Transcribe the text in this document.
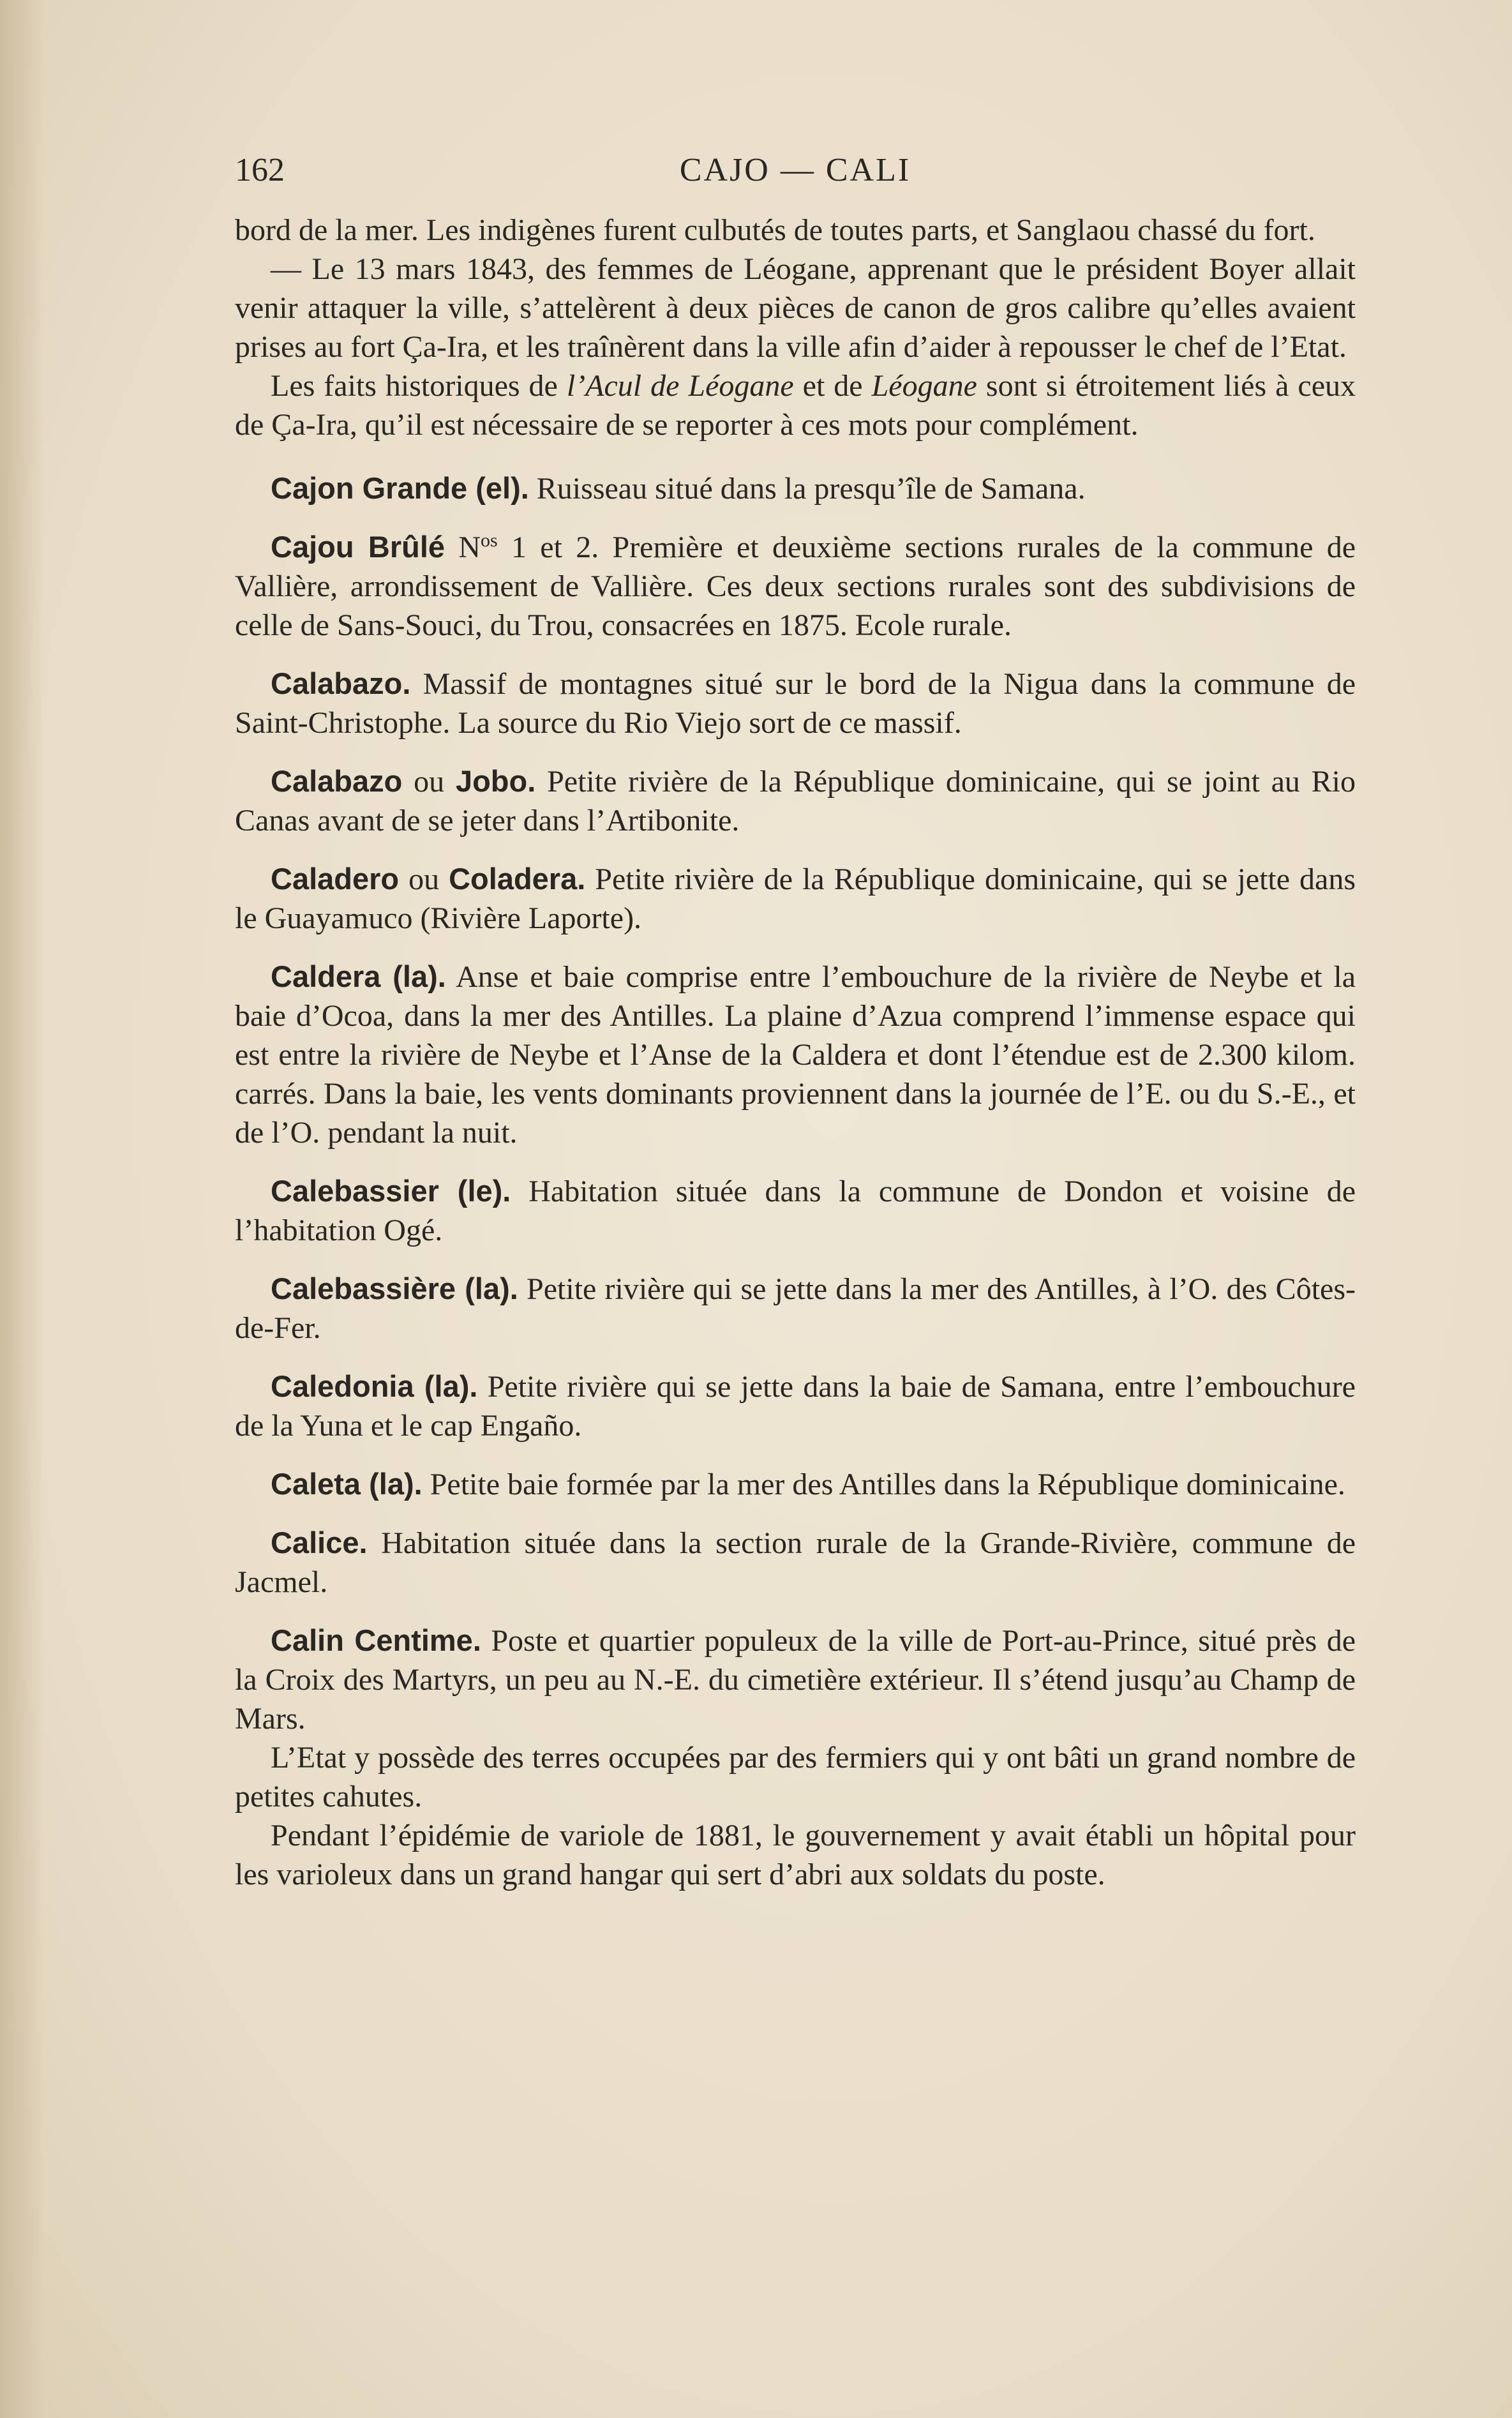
162	CAJO — CALI

bord de la mer. Les indigènes furent culbutés de toutes parts, et Sanglaou chassé du fort.

— Le 13 mars 1843, des femmes de Léogane, apprenant que le président Boyer allait venir attaquer la ville, s’attelèrent à deux pièces de canon de gros calibre qu’elles avaient prises au fort Ça-Ira, et les traînèrent dans la ville afin d’aider à repousser le chef de l’Etat.

Les faits historiques de l’Acul de Léogane et de Léogane sont si étroitement liés à ceux de Ça-Ira, qu’il est nécessaire de se reporter à ces mots pour complément.

Cajon Grande (el). Ruisseau situé dans la presqu’île de Samana.

Cajou Brûlé $N^{os}$ 1 et 2. Première et deuxième sections rurales de la commune de Vallière, arrondissement de Vallière. Ces deux sections rurales sont des subdivisions de celle de Sans-Souci, du Trou, consacrées en 1875. Ecole rurale.

Calabazo. Massif de montagnes situé sur le bord de la Nigua dans la commune de Saint-Christophe. La source du Rio Viejo sort de ce massif.

Calabazo ou Jobo. Petite rivière de la République dominicaine, qui se joint au Rio Canas avant de se jeter dans l’Artibonite.

Caladero ou Coladera. Petite rivière de la République dominicaine, qui se jette dans le Guayamuco (Rivière Laporte).

Caldera (la). Anse et baie comprise entre l’embouchure de la rivière de Neybe et la baie d’Ocoa, dans la mer des Antilles. La plaine d’Azua comprend l’immense espace qui est entre la rivière de Neybe et l’Anse de la Caldera et dont l’étendue est de 2.300 kilom. carrés. Dans la baie, les vents dominants proviennent dans la journée de l’E. ou du S.-E., et de l’O. pendant la nuit.

Calebassier (le). Habitation située dans la commune de Dondon et voisine de l’habitation Ogé.

Calebassière (la). Petite rivière qui se jette dans la mer des Antilles, à l’O. des Côtes-de-Fer.

Caledonia (la). Petite rivière qui se jette dans la baie de Samana, entre l’embouchure de la Yuna et le cap Engaño.

Caleta (la). Petite baie formée par la mer des Antilles dans la République dominicaine.

Calice. Habitation située dans la section rurale de la Grande-Rivière, commune de Jacmel.

Calin Centime. Poste et quartier populeux de la ville de Port-au-Prince, situé près de la Croix des Martyrs, un peu au N.-E. du cimetière extérieur. Il s’étend jusqu’au Champ de Mars.

L’Etat y possède des terres occupées par des fermiers qui y ont bâti un grand nombre de petites cahutes.

Pendant l’épidémie de variole de 1881, le gouvernement y avait établi un hôpital pour les varioleux dans un grand hangar qui sert d’abri aux soldats du poste.
